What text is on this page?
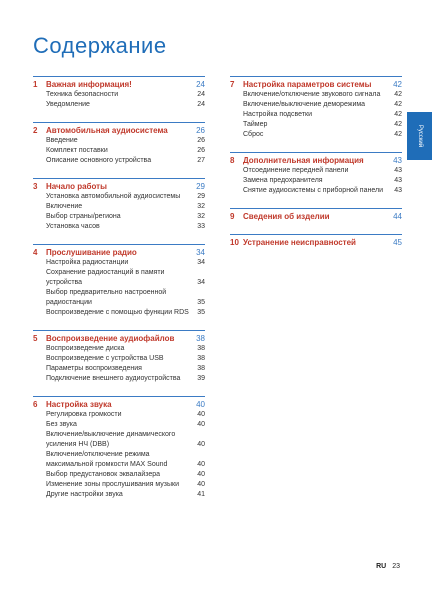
Содержание
1	Важная информация!	24
Техника безопасности	24
Уведомление	24
2	Автомобильная аудиосистема	26
Введение	26
Комплект поставки	26
Описание основного устройства	27
3	Начало работы	29
Установка автомобильной аудиосистемы	29
Включение	32
Выбор страны/региона	32
Установка часов	33
4	Прослушивание радио	34
Настройка радиостанции	34
Сохранение радиостанций в памяти устройства	34
Выбор предварительно настроенной радиостанции	35
Воспроизведение с помощью функции RDS	35
5	Воспроизведение аудиофайлов	38
Воспроизведение диска	38
Воспроизведение с устройства USB	38
Параметры воспроизведения	38
Подключение внешнего аудиоустройства	39
6	Настройка звука	40
Регулировка громкости	40
Без звука	40
Включение/выключение динамического усиления НЧ (DBB)	40
Включение/отключение режима максимальной громкости MAX Sound	40
Выбор предустановок эквалайзера	40
Изменение зоны прослушивания музыки	40
Другие настройки звука	41
7	Настройка параметров системы	42
Включение/отключение звукового сигнала	42
Включение/выключение деморежима	42
Настройка подсветки	42
Таймер	42
Сброс	42
8	Дополнительная информация	43
Отсоединение передней панели	43
Замена предохранителя	43
Снятие аудиосистемы с приборной панели	43
9	Сведения об изделии	44
10 Устранение неисправностей	45
Русский
RU 23
